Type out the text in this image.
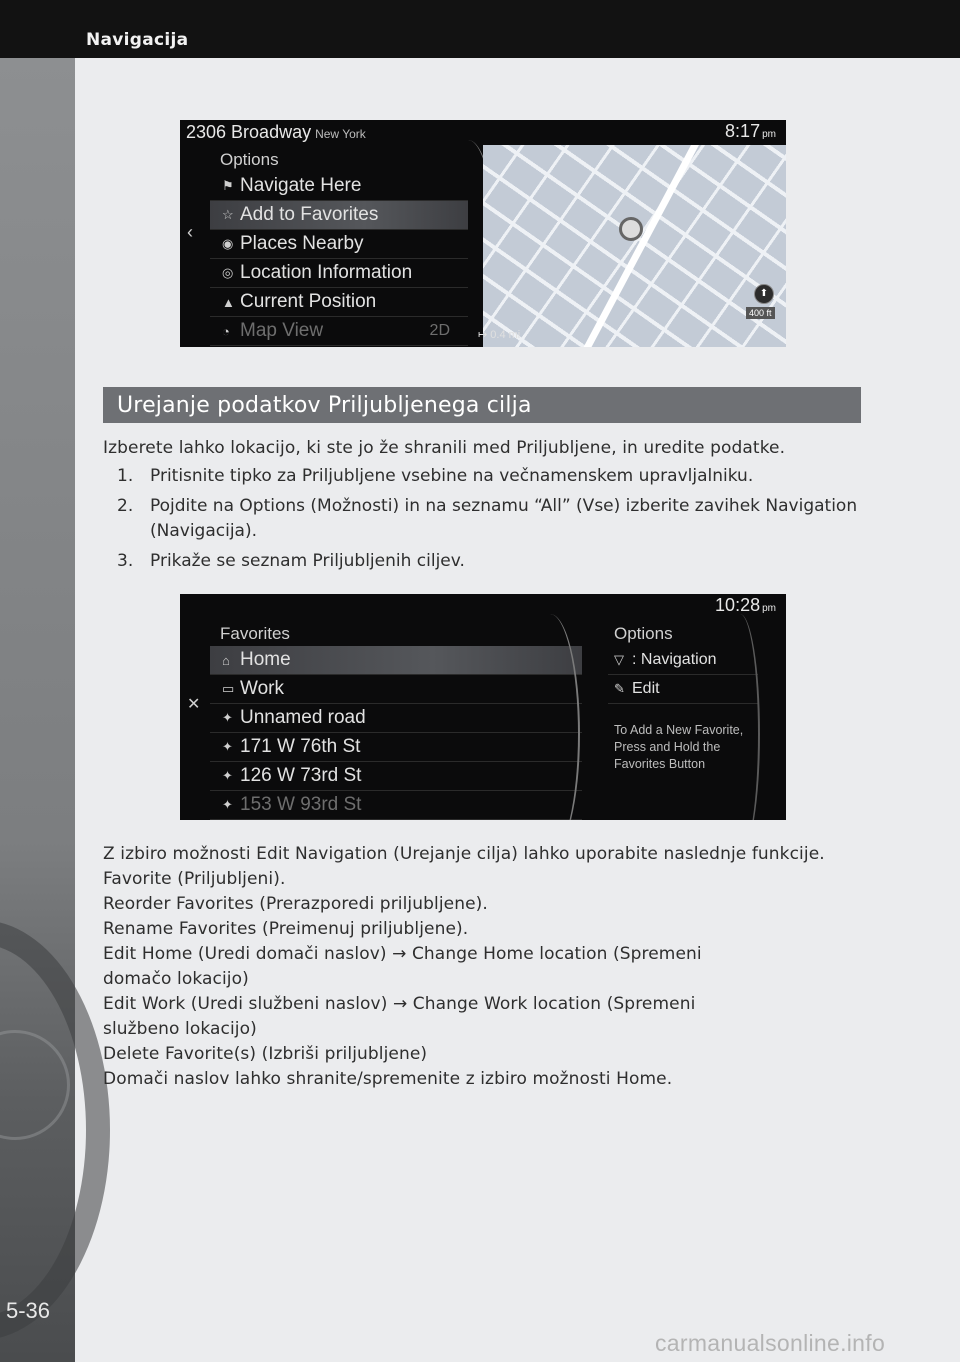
Navigacija
5-36
2306 Broadway New York	8:17 pm
‹
Options
⚑ Navigate Here
☆ Add to Favorites
◉ Places Nearby
◎ Location Information
▲ Current Position
◔ Map View	2D	↦ 0.4 mi
⬆
400 ft
Urejanje podatkov Priljubljenega cilja
Izberete lahko lokacijo, ki ste jo že shranili med Priljubljene, in uredite podatke.
1. Pritisnite tipko za Priljubljene vsebine na večnamenskem upravljalniku.
2. Pojdite na Options (Možnosti) in na seznamu “All” (Vse) izberite zavihek Navigation (Navigacija).
3. Prikaže se seznam Priljubljenih ciljev.
10:28 pm
✕
Favorites
⌂ Home
▭ Work
✦ Unnamed road
✦ 171 W 76th St
✦ 126 W 73rd St
✦ 153 W 93rd St
Options
▽ : Navigation
✎ Edit
To Add a New Favorite, Press and Hold the Favorites Button
Z izbiro možnosti Edit Navigation (Urejanje cilja) lahko uporabite naslednje funkcije.
Favorite (Priljubljeni).
Reorder Favorites (Prerazporedi priljubljene).
Rename Favorites (Preimenuj priljubljene).
Edit Home (Uredi domači naslov) → Change Home location (Spremeni
domačo lokacijo)
Edit Work (Uredi službeni naslov) → Change Work location (Spremeni
službeno lokacijo)
Delete Favorite(s) (Izbriši priljubljene)
Domači naslov lahko shranite/spremenite z izbiro možnosti Home.
carmanualsonline.info
